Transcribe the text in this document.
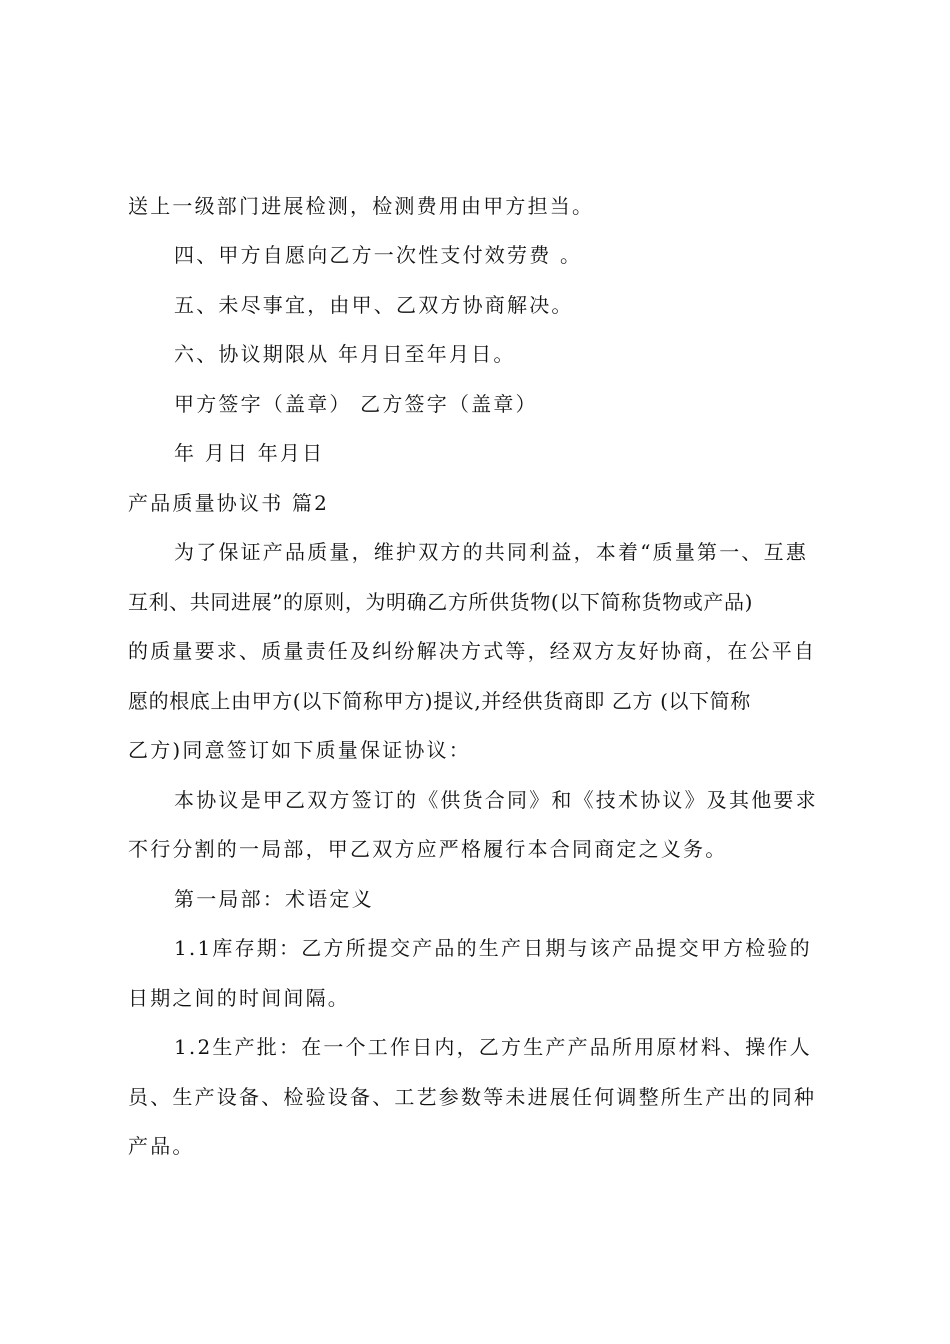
送上一级部门进展检测，检测费用由甲方担当。
四、甲方自愿向乙方一次性支付效劳费 。
五、未尽事宜，由甲、乙双方协商解决。
六、协议期限从 年月日至年月日。
甲方签字（盖章） 乙方签字（盖章）
年 月日 年月日
产品质量协议书 篇2
为了保证产品质量，维护双方的共同利益，本着“质量第一、互惠
互利、共同进展”的原则，为明确乙方所供货物(以下简称货物或产品)
的质量要求、质量责任及纠纷解决方式等，经双方友好协商，在公平自
愿的根底上由甲方(以下简称甲方)提议,并经供货商即 乙方 (以下简称
乙方)同意签订如下质量保证协议：
本协议是甲乙双方签订的《供货合同》和《技术协议》及其他要求
不行分割的一局部，甲乙双方应严格履行本合同商定之义务。
第一局部：术语定义
1.1库存期：乙方所提交产品的生产日期与该产品提交甲方检验的
日期之间的时间间隔。
1.2生产批：在一个工作日内，乙方生产产品所用原材料、操作人
员、生产设备、检验设备、工艺参数等未进展任何调整所生产出的同种
产品。
